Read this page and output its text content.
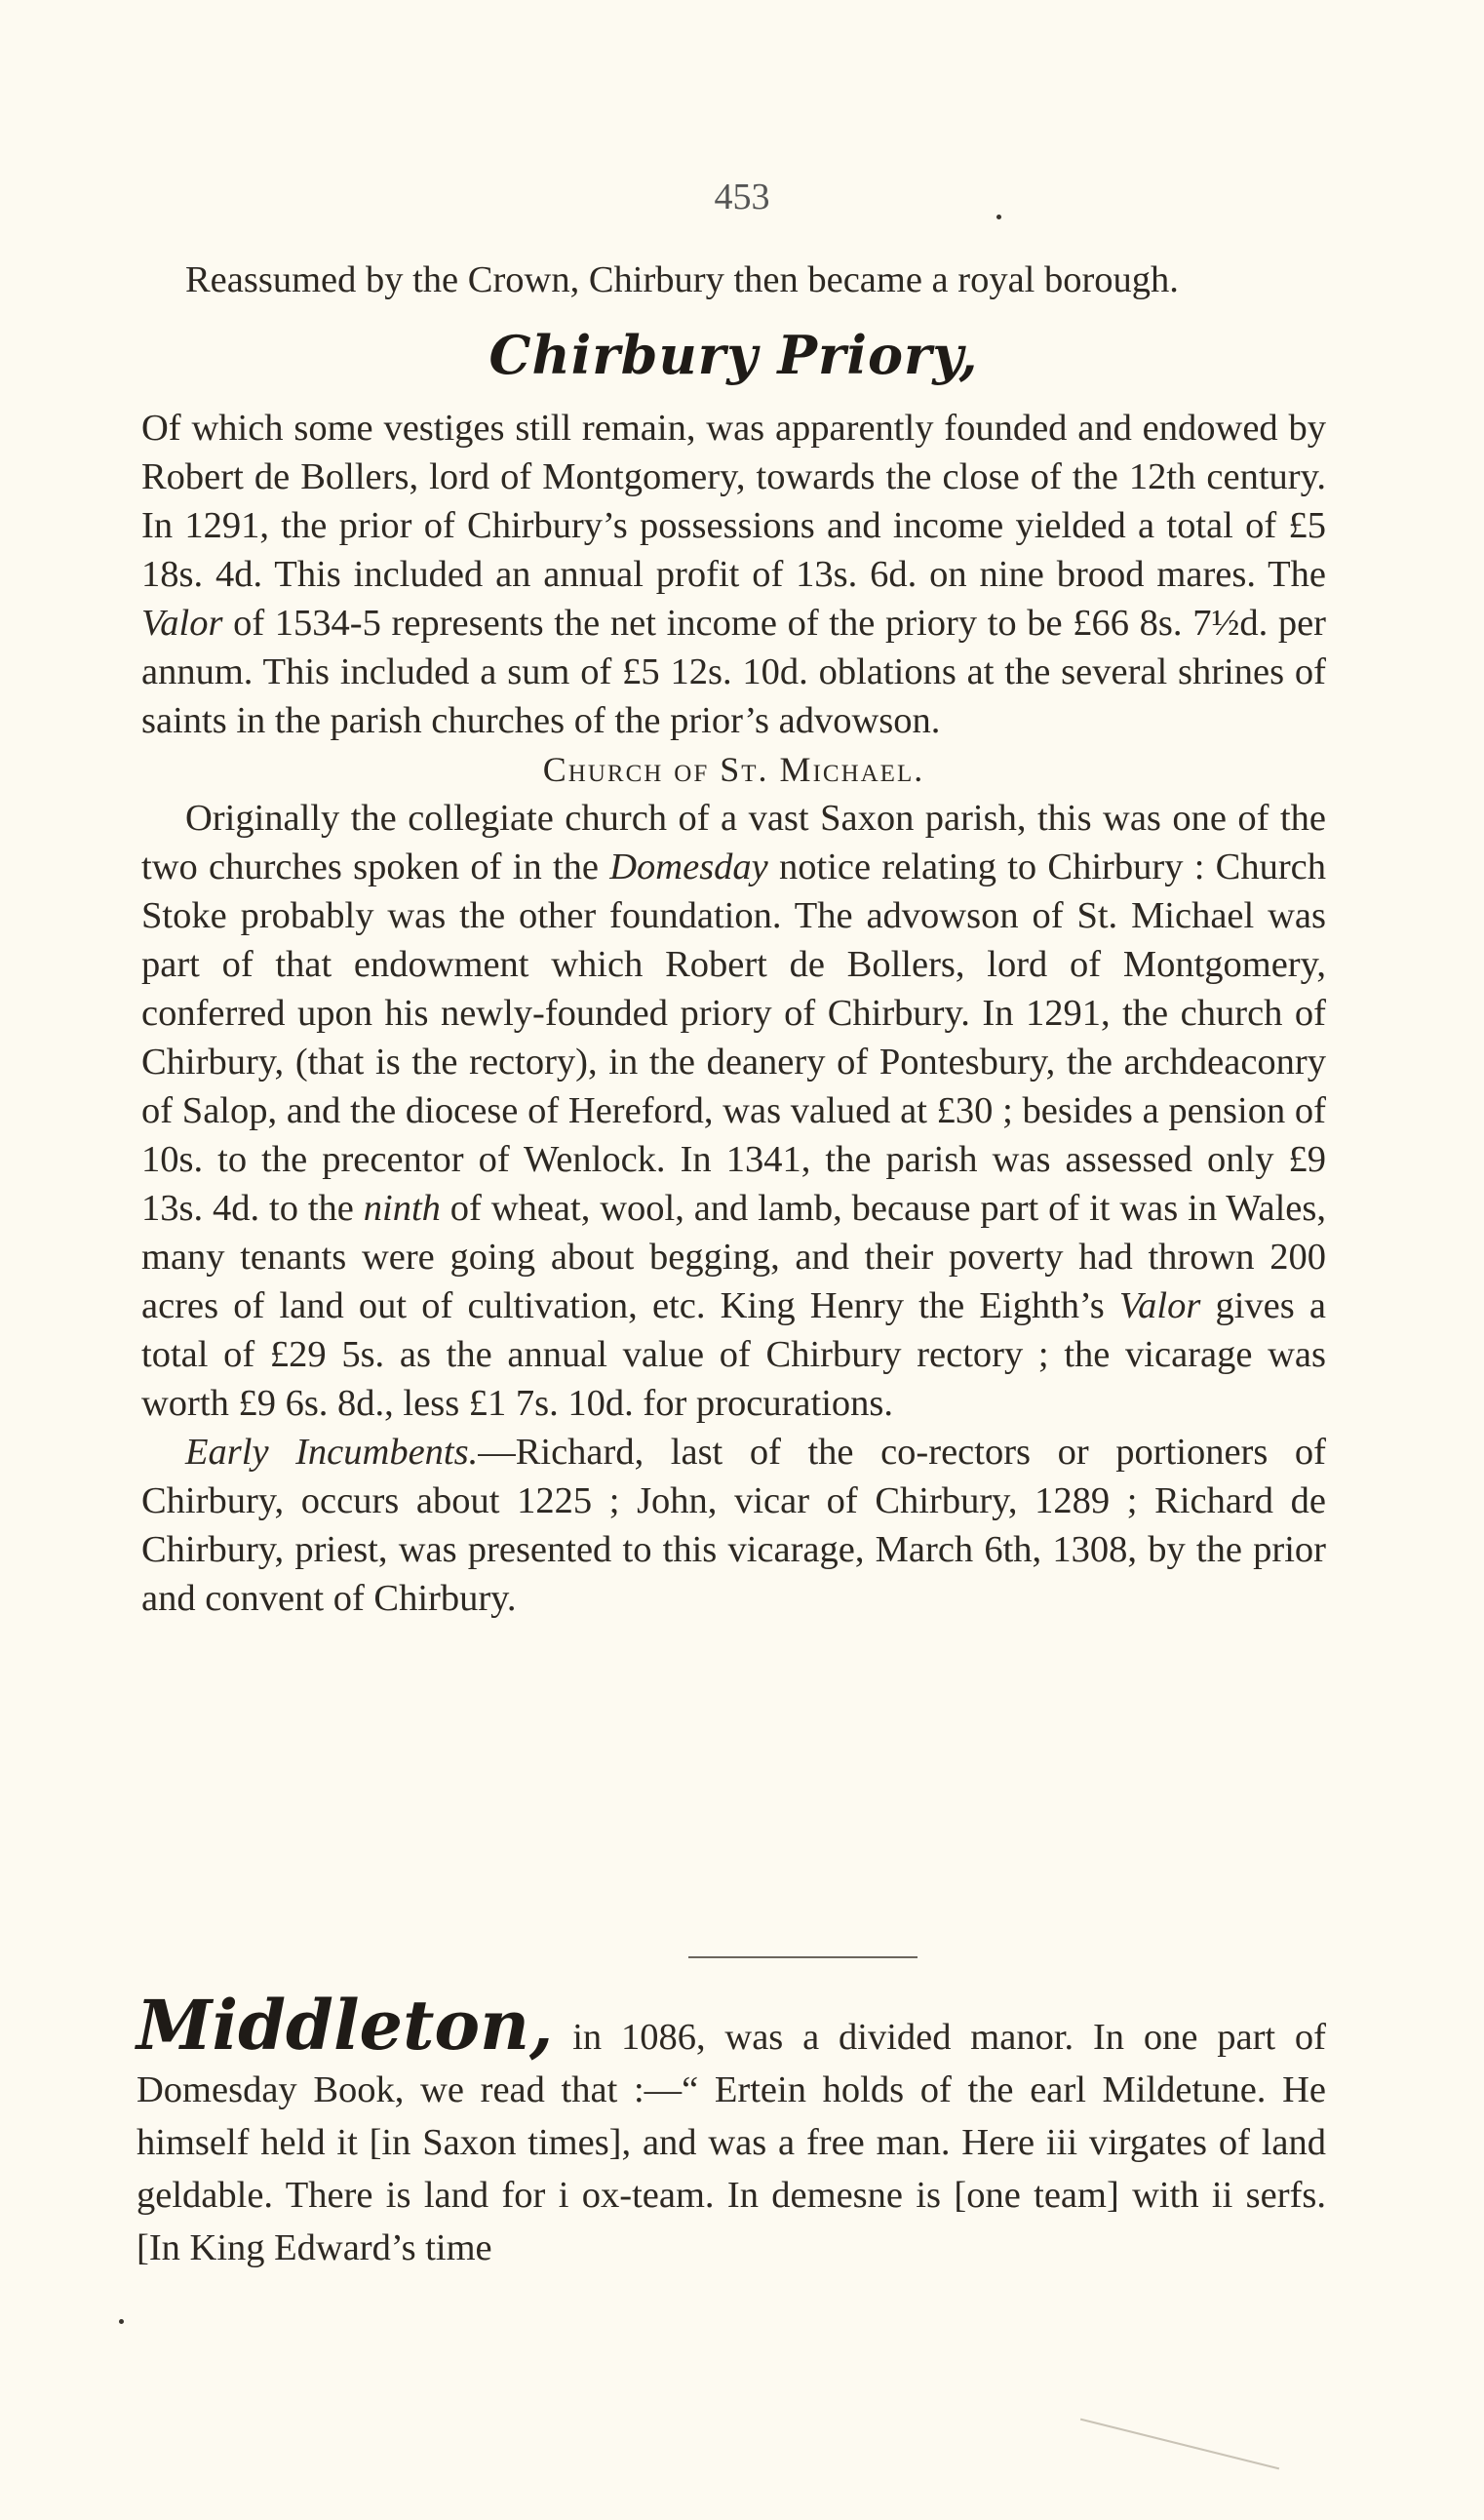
453

Reassumed by the Crown, Chirbury then became a royal borough.

Chirbury Priory,

Of which some vestiges still remain, was apparently founded and endowed by Robert de Bollers, lord of Montgomery, towards the close of the 12th century. In 1291, the prior of Chirbury’s possessions and income yielded a total of £5 18s. 4d. This included an annual profit of 13s. 6d. on nine brood mares. The Valor of 1534-5 represents the net income of the priory to be £66 8s. 7½d. per annum. This included a sum of £5 12s. 10d. oblations at the several shrines of saints in the parish churches of the prior’s advowson.

Church of St. Michael.

Originally the collegiate church of a vast Saxon parish, this was one of the two churches spoken of in the Domesday notice relating to Chirbury : Church Stoke probably was the other foundation. The advowson of St. Michael was part of that endowment which Robert de Bollers, lord of Montgomery, conferred upon his newly-founded priory of Chirbury. In 1291, the church of Chirbury, (that is the rectory), in the deanery of Pontesbury, the archdeaconry of Salop, and the diocese of Hereford, was valued at £30 ; besides a pension of 10s. to the precentor of Wenlock. In 1341, the parish was assessed only £9 13s. 4d. to the ninth of wheat, wool, and lamb, because part of it was in Wales, many tenants were going about begging, and their poverty had thrown 200 acres of land out of cultivation, etc. King Henry the Eighth’s Valor gives a total of £29 5s. as the annual value of Chirbury rectory ; the vicarage was worth £9 6s. 8d., less £1 7s. 10d. for procurations.

Early Incumbents.—Richard, last of the co-rectors or portioners of Chirbury, occurs about 1225 ; John, vicar of Chirbury, 1289 ; Richard de Chirbury, priest, was presented to this vicarage, March 6th, 1308, by the prior and convent of Chirbury.

Middleton, in 1086, was a divided manor. In one part of Domesday Book, we read that :—“ Ertein holds of the earl Mildetune. He himself held it [in Saxon times], and was a free man. Here iii virgates of land geldable. There is land for i ox-team. In demesne is [one team] with ii serfs. [In King Edward’s time
